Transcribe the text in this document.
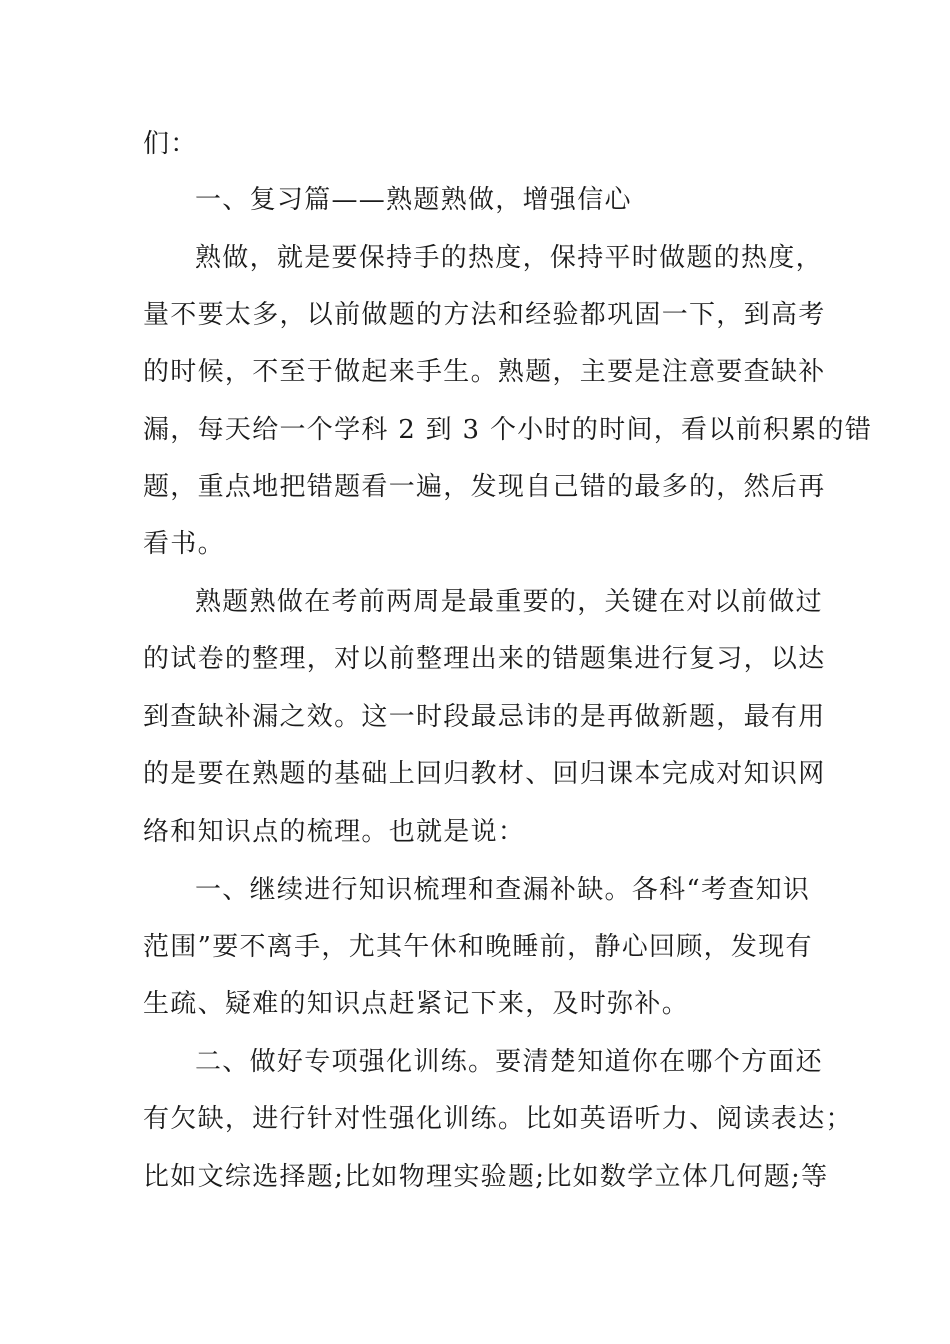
们：
一、复习篇——熟题熟做，增强信心
熟做，就是要保持手的热度，保持平时做题的热度，
量不要太多，以前做题的方法和经验都巩固一下，到高考
的时候，不至于做起来手生。熟题，主要是注意要查缺补
漏，每天给一个学科 2 到 3 个小时的时间，看以前积累的错
题，重点地把错题看一遍，发现自己错的最多的，然后再
看书。
熟题熟做在考前两周是最重要的，关键在对以前做过
的试卷的整理，对以前整理出来的错题集进行复习，以达
到查缺补漏之效。这一时段最忌讳的是再做新题，最有用
的是要在熟题的基础上回归教材、回归课本完成对知识网
络和知识点的梳理。也就是说：
一、继续进行知识梳理和查漏补缺。各科“考查知识
范围”要不离手，尤其午休和晚睡前，静心回顾，发现有
生疏、疑难的知识点赶紧记下来，及时弥补。
二、做好专项强化训练。要清楚知道你在哪个方面还
有欠缺，进行针对性强化训练。比如英语听力、阅读表达；
比如文综选择题;比如物理实验题;比如数学立体几何题;等
